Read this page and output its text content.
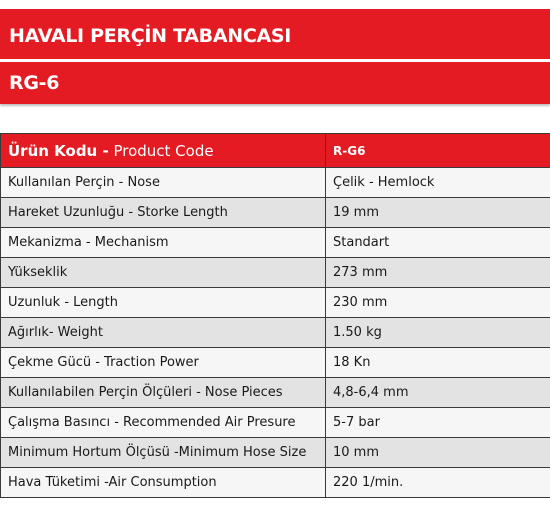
HAVALI PERÇİN TABANCASI
RG-6
Ürün Kodu - Product Code	R-G6
Kullanılan Perçin - Nose	Çelik - Hemlock
Hareket Uzunluğu - Storke Length	19 mm
Mekanizma - Mechanism	Standart
Yükseklik	273 mm
Uzunluk - Length	230 mm
Ağırlık- Weight	1.50 kg
Çekme Gücü - Traction Power	18 Kn
Kullanılabilen Perçin Ölçüleri - Nose Pieces	4,8-6,4 mm
Çalışma Basıncı - Recommended Air Presure	5-7 bar
Minimum Hortum Ölçüsü -Minimum Hose Size	10 mm
Hava Tüketimi -Air Consumption	220 1/min.
